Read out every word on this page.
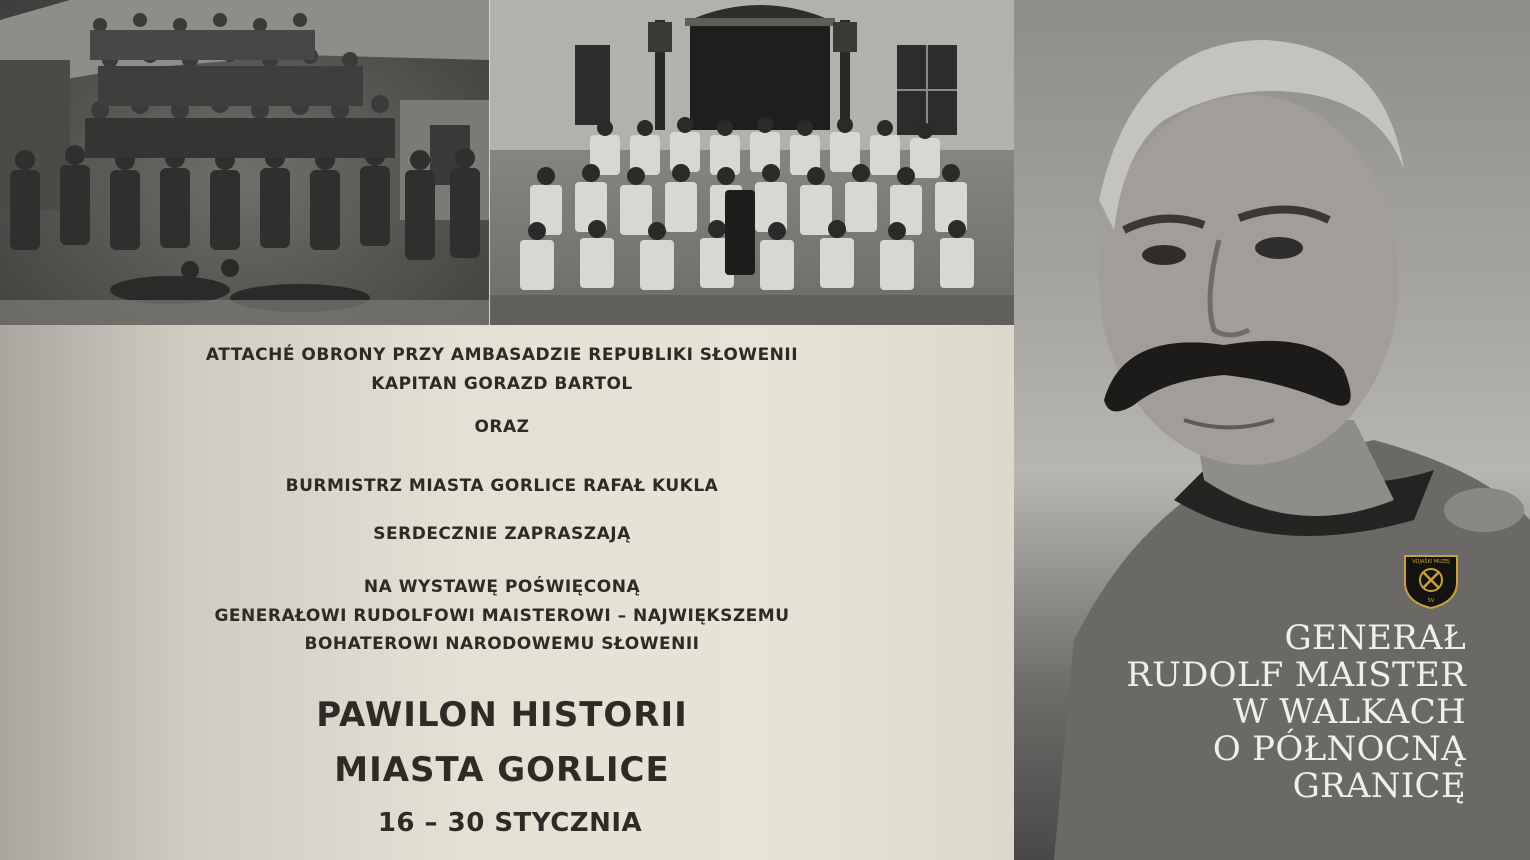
ATTACHÉ OBRONY PRZY AMBASADZIE REPUBLIKI SŁOWENII
KAPITAN GORAZD BARTOL
ORAZ
BURMISTRZ MIASTA GORLICE RAFAŁ KUKLA
SERDECZNIE ZAPRASZAJĄ
NA WYSTAWĘ POŚWIĘCONĄ
GENERAŁOWI RUDOLFOWI MAISTEROWI – NAJWIĘKSZEMU
BOHATEROWI NARODOWEMU SŁOWENII
PAWILON HISTORII
MIASTA GORLICE
16 – 30 STYCZNIA
VOJAŠKI MUZEJ
SV
GENERAŁ
RUDOLF MAISTER
W WALKACH
O PÓŁNOCNĄ
GRANICĘ
